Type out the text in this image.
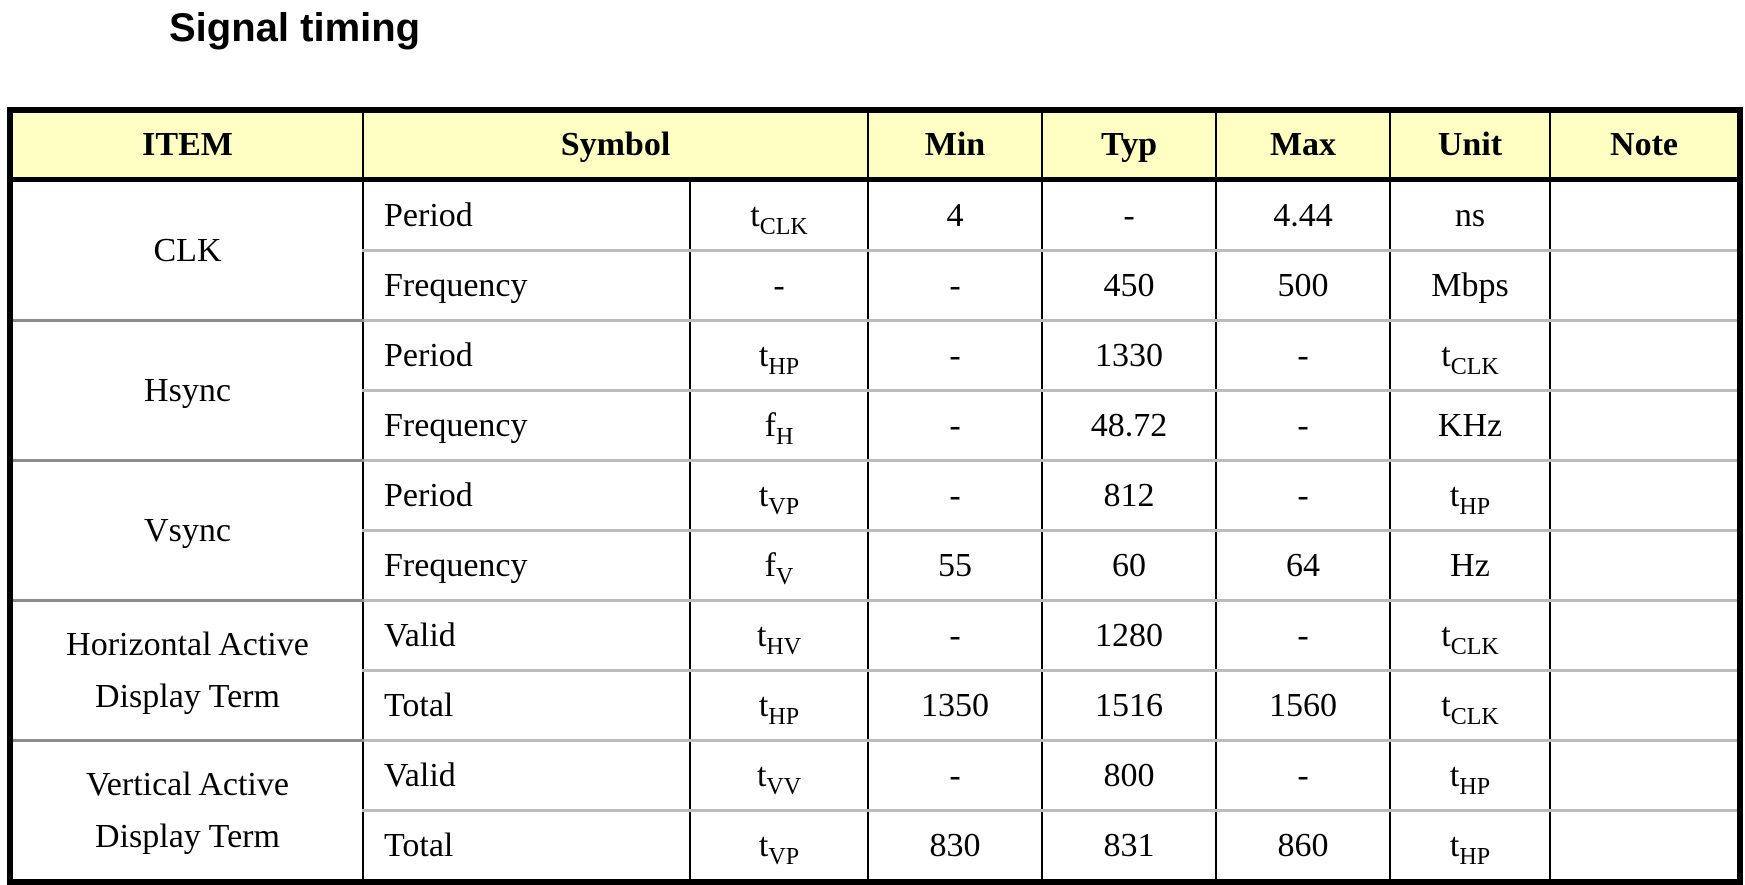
Signal timing
ITEM	Symbol		Min	Typ	Max	Unit	Note
CLK	Period	$t_{CLK}$	4	-	4.44	ns	
	Frequency	-	-	450	500	Mbps	
Hsync	Period	$t_{HP}$	-	1330	-	$t_{CLK}$	
	Frequency	$f_H$	-	48.72	-	KHz	
Vsync	Period	$t_{VP}$	-	812	-	$t_{HP}$	
	Frequency	$f_V$	55	60	64	Hz	
Horizontal Active
Display Term	Valid	$t_{HV}$	-	1280	-	$t_{CLK}$	
	Total	$t_{HP}$	1350	1516	1560	$t_{CLK}$	
Vertical Active
Display Term	Valid	$t_{VV}$	-	800	-	$t_{HP}$	
	Total	$t_{VP}$	830	831	860	$t_{HP}$	
